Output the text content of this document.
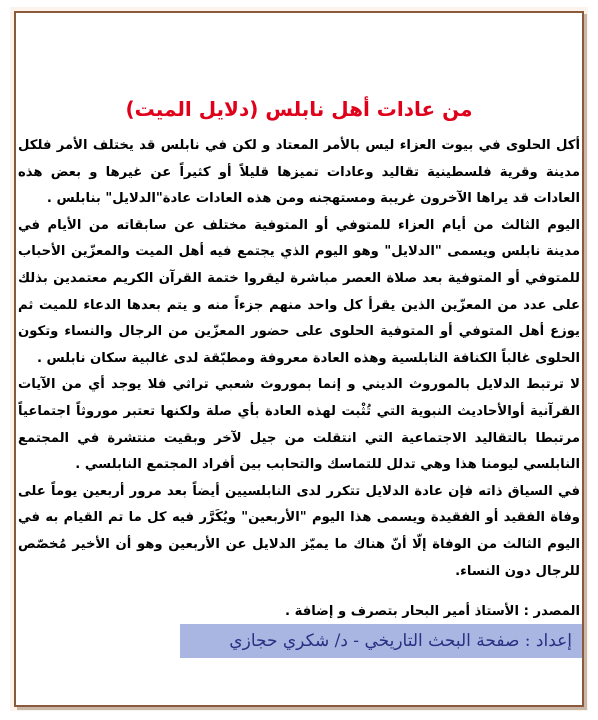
من عادات أهل نابلس (دلايل الميت)

أكل الحلوى في بيوت العزاء ليس بالأمر المعتاد و لكن في نابلس قد يختلف الأمر فلكل مدينة وقرية فلسطينية تقاليد وعادات تميزها قليلاً أو كثيراً عن غيرها و بعض هذه العادات قد يراها الآخرون غريبة ومستهجنه ومن هذه العادات عادة"الدلايل" بنابلس .

اليوم الثالث من أيام العزاء للمتوفي أو المتوفية مختلف عن سابقاته من الأيام في مدينة نابلس ويسمى "الدلايل" وهو اليوم الذي يجتمع فيه أهل الميت والمعزّين الأحباب للمتوفي أو المتوفية بعد صلاة العصر مباشرة ليقروا ختمة القرآن الكريم معتمدين بذلك على عدد من المعزّين الذين يقرأ كل واحد منهم جزءاً منه و يتم بعدها الدعاء للميت ثم يوزع أهل المتوفي أو المتوفية الحلوى على حضور المعزّين من الرجال والنساء وتكون الحلوى غالباً الكنافة النابلسية وهذه العادة معروفة ومطبّقة لدى غالبية سكان نابلس .

لا ترتبط الدلايل بالموروث الديني و إنما بموروث شعبي تراثي فلا يوجد أي من الآيات القرآنية أوالأحاديث النبوية التي تُثْبت لهذه العادة بأي صلة ولكنها تعتبر موروثاً اجتماعياً مرتبطا بالتقاليد الاجتماعية التي انتقلت من جيل لآخر وبقيت منتشرة في المجتمع النابلسي ليومنا هذا وهي تدلل للتماسك والتحابب بين أفراد المجتمع النابلسي .

في السياق ذاته فإن عادة الدلايل تتكرر لدى النابلسيين أيضاً بعد مرور أربعين يوماً على وفاة الفقيد أو الفقيدة ويسمى هذا اليوم "الأربعين" ويُكَرَّر فيه كل ما تم القيام به في اليوم الثالث من الوفاة إلّا أنّ هناك ما يميّز الدلايل عن الأربعين وهو أن الأخير مُخصّص للرجال دون النساء.

المصدر : الأستاذ أمير البحار بتصرف و إضافة .
إعداد : صفحة البحث التاريخي - د/ شكري حجازي
